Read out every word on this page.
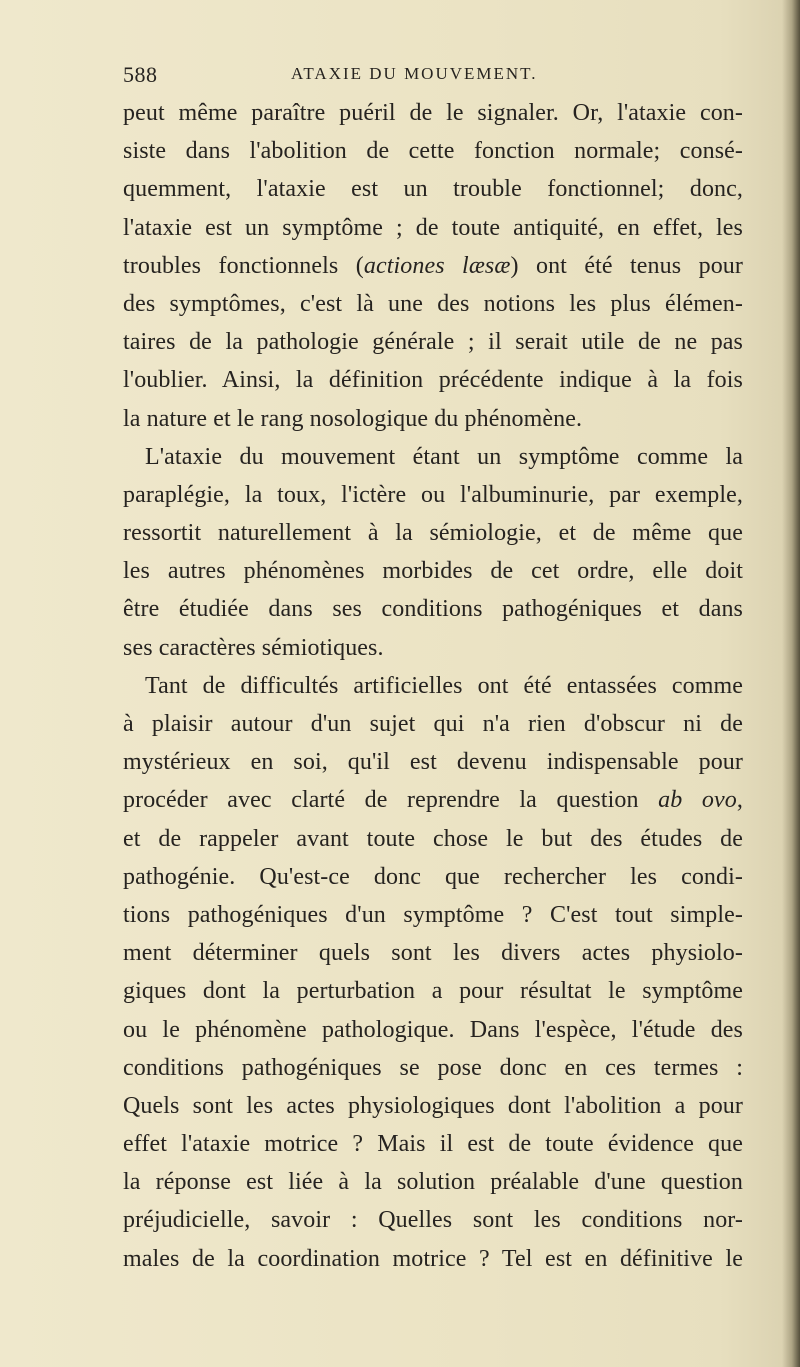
588	ATAXIE DU MOUVEMENT.
peut même paraître puéril de le signaler. Or, l'ataxie con-
siste dans l'abolition de cette fonction normale; consé-
quemment, l'ataxie est un trouble fonctionnel; donc,
l'ataxie est un symptôme ; de toute antiquité, en effet, les
troubles fonctionnels (actiones læsæ) ont été tenus pour
des symptômes, c'est là une des notions les plus élémen-
taires de la pathologie générale ; il serait utile de ne pas
l'oublier. Ainsi, la définition précédente indique à la fois
la nature et le rang nosologique du phénomène.
L'ataxie du mouvement étant un symptôme comme la
paraplégie, la toux, l'ictère ou l'albuminurie, par exemple,
ressortit naturellement à la sémiologie, et de même que
les autres phénomènes morbides de cet ordre, elle doit
être étudiée dans ses conditions pathogéniques et dans
ses caractères sémiotiques.
Tant de difficultés artificielles ont été entassées comme
à plaisir autour d'un sujet qui n'a rien d'obscur ni de
mystérieux en soi, qu'il est devenu indispensable pour
procéder avec clarté de reprendre la question ab ovo,
et de rappeler avant toute chose le but des études de
pathogénie. Qu'est-ce donc que rechercher les condi-
tions pathogéniques d'un symptôme ? C'est tout simple-
ment déterminer quels sont les divers actes physiolo-
giques dont la perturbation a pour résultat le symptôme
ou le phénomène pathologique. Dans l'espèce, l'étude des
conditions pathogéniques se pose donc en ces termes :
Quels sont les actes physiologiques dont l'abolition a pour
effet l'ataxie motrice ? Mais il est de toute évidence que
la réponse est liée à la solution préalable d'une question
préjudicielle, savoir : Quelles sont les conditions nor-
males de la coordination motrice ? Tel est en définitive le
